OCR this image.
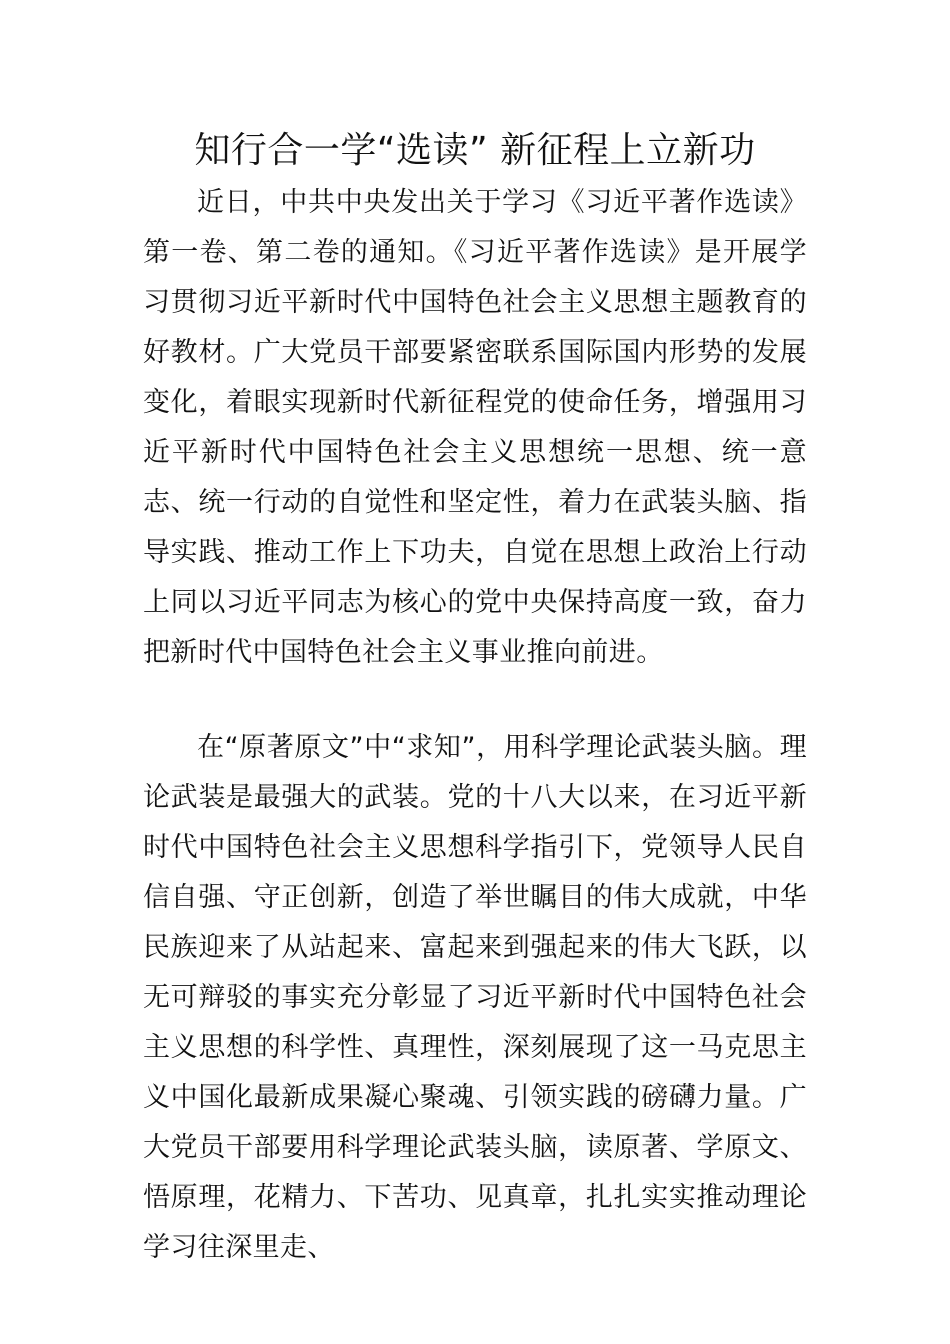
知行合一学“选读” 新征程上立新功

近日，中共中央发出关于学习《习近平著作选读》第一卷、第二卷的通知。《习近平著作选读》是开展学习贯彻习近平新时代中国特色社会主义思想主题教育的好教材。广大党员干部要紧密联系国际国内形势的发展变化，着眼实现新时代新征程党的使命任务，增强用习近平新时代中国特色社会主义思想统一思想、统一意志、统一行动的自觉性和坚定性，着力在武装头脑、指导实践、推动工作上下功夫，自觉在思想上政治上行动上同以习近平同志为核心的党中央保持高度一致，奋力把新时代中国特色社会主义事业推向前进。

在“原著原文”中“求知”，用科学理论武装头脑。理论武装是最强大的武装。党的十八大以来，在习近平新时代中国特色社会主义思想科学指引下，党领导人民自信自强、守正创新，创造了举世瞩目的伟大成就，中华民族迎来了从站起来、富起来到强起来的伟大飞跃，以无可辩驳的事实充分彰显了习近平新时代中国特色社会主义思想的科学性、真理性，深刻展现了这一马克思主义中国化最新成果凝心聚魂、引领实践的磅礴力量。广大党员干部要用科学理论武装头脑，读原著、学原文、悟原理，花精力、下苦功、见真章，扎扎实实推动理论学习往深里走、
